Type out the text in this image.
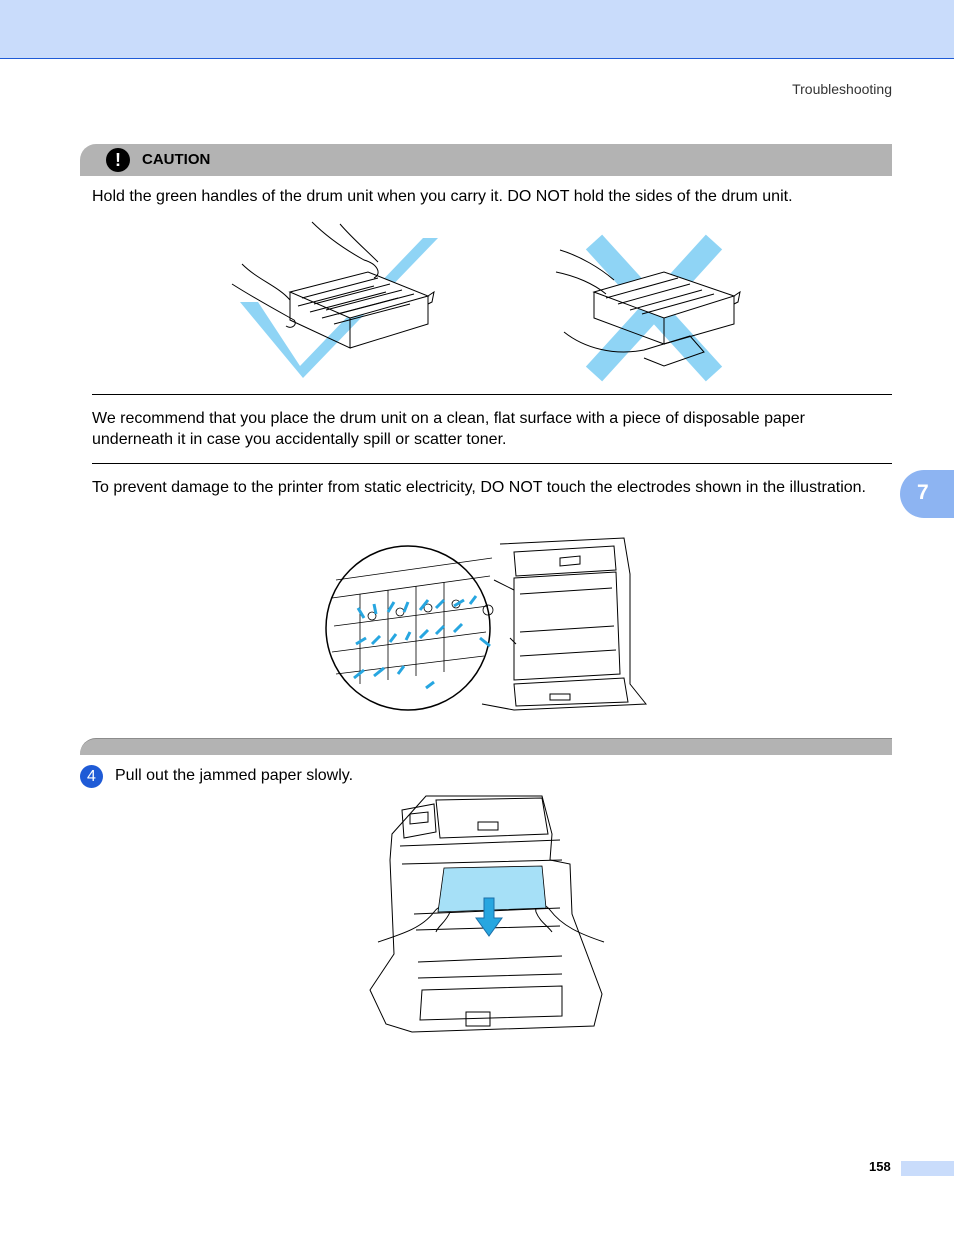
Troubleshooting
!	CAUTION
Hold the green handles of the drum unit when you carry it. DO NOT hold the sides of the drum unit.
We recommend that you place the drum unit on a clean, flat surface with a piece of disposable paper underneath it in case you accidentally spill or scatter toner.
To prevent damage to the printer from static electricity, DO NOT touch the electrodes shown in the illustration.
4	Pull out the jammed paper slowly.
7
158
